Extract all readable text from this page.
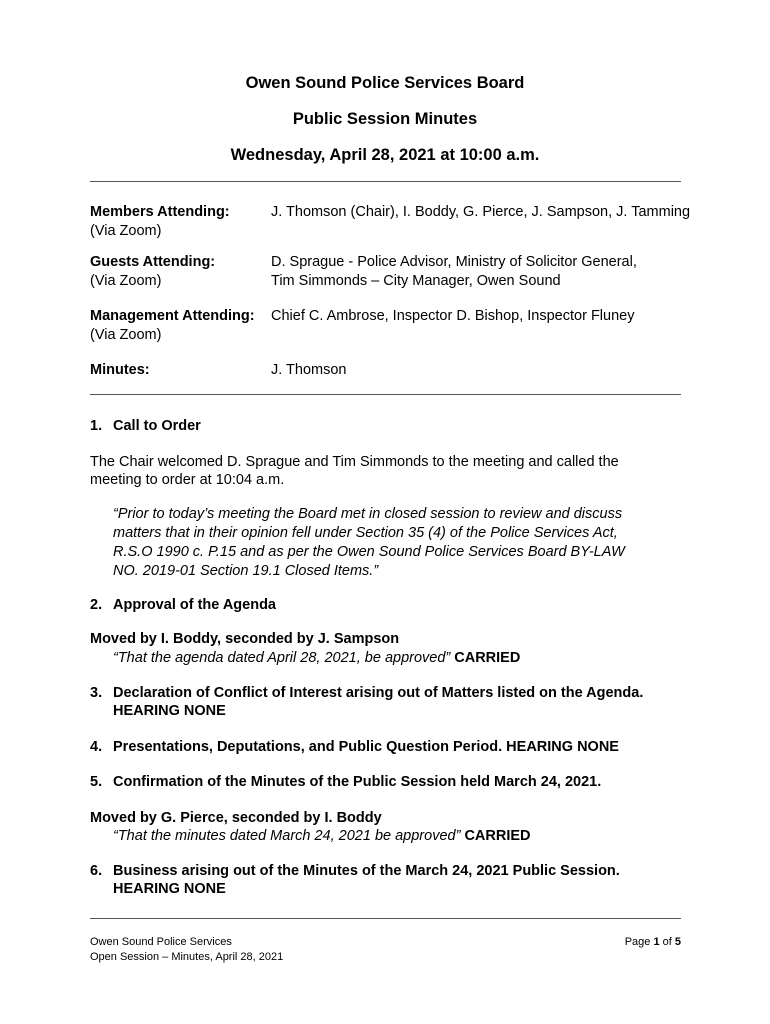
Owen Sound Police Services Board
Public Session Minutes
Wednesday, April 28, 2021 at 10:00 a.m.
Members Attending:
(Via Zoom)
J. Thomson (Chair), I. Boddy, G. Pierce, J. Sampson, J. Tamming
Guests Attending:
(Via Zoom)
D. Sprague - Police Advisor, Ministry of Solicitor General,
Tim Simmonds – City Manager, Owen Sound
Management Attending:
(Via Zoom)
Chief C. Ambrose, Inspector D. Bishop, Inspector Fluney
Minutes:	J. Thomson
1. Call to Order
The Chair welcomed D. Sprague and Tim Simmonds to the meeting and called the
meeting to order at 10:04 a.m.
“Prior to today’s meeting the Board met in closed session to review and discuss
matters that in their opinion fell under Section 35 (4) of the Police Services Act,
R.S.O 1990 c. P.15 and as per the Owen Sound Police Services Board BY-LAW
NO. 2019-01 Section 19.1 Closed Items.”
2. Approval of the Agenda
Moved by I. Boddy, seconded by J. Sampson
“That the agenda dated April 28, 2021, be approved” CARRIED
3. Declaration of Conflict of Interest arising out of Matters listed on the Agenda.
HEARING NONE
4. Presentations, Deputations, and Public Question Period. HEARING NONE
5. Confirmation of the Minutes of the Public Session held March 24, 2021.
Moved by G. Pierce, seconded by I. Boddy
“That the minutes dated March 24, 2021 be approved” CARRIED
6. Business arising out of the Minutes of the March 24, 2021 Public Session.
HEARING NONE
Owen Sound Police Services
Open Session – Minutes, April 28, 2021
Page 1 of 5
